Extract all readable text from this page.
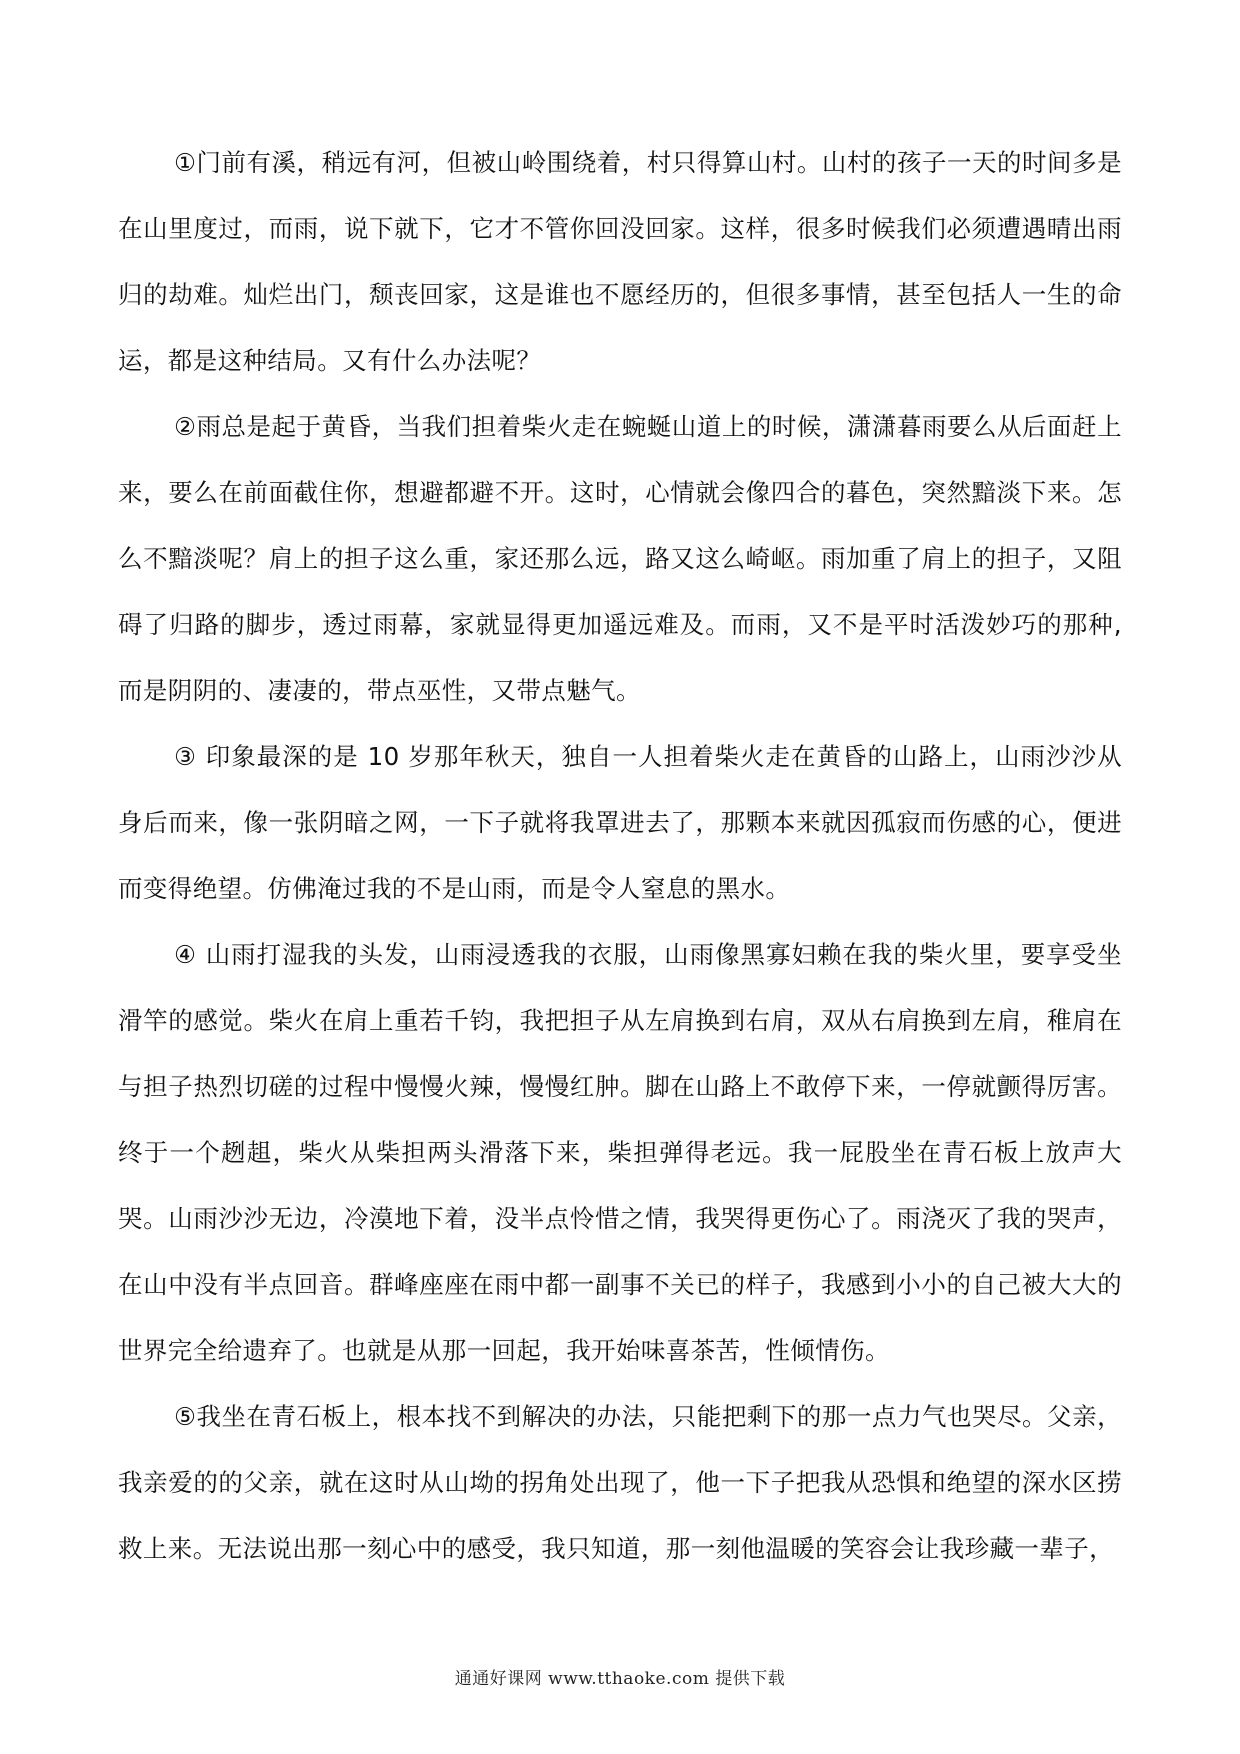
①门前有溪，稍远有河，但被山岭围绕着，村只得算山村。山村的孩子一天的时间多是在山里度过，而雨，说下就下，它才不管你回没回家。这样，很多时候我们必须遭遇晴出雨归的劫难。灿烂出门，颓丧回家，这是谁也不愿经历的，但很多事情，甚至包括人一生的命运，都是这种结局。又有什么办法呢？

②雨总是起于黄昏，当我们担着柴火走在蜿蜒山道上的时候，潇潇暮雨要么从后面赶上来，要么在前面截住你，想避都避不开。这时，心情就会像四合的暮色，突然黯淡下来。怎么不黯淡呢？肩上的担子这么重，家还那么远，路又这么崎岖。雨加重了肩上的担子，又阻碍了归路的脚步，透过雨幕，家就显得更加遥远难及。而雨，又不是平时活泼妙巧的那种,而是阴阴的、凄凄的，带点巫性，又带点魅气。

③ 印象最深的是 10 岁那年秋天，独自一人担着柴火走在黄昏的山路上，山雨沙沙从身后而来，像一张阴暗之网，一下子就将我罩进去了，那颗本来就因孤寂而伤感的心，便进而变得绝望。仿佛淹过我的不是山雨，而是令人窒息的黑水。

④ 山雨打湿我的头发，山雨浸透我的衣服，山雨像黑寡妇赖在我的柴火里，要享受坐滑竿的感觉。柴火在肩上重若千钧，我把担子从左肩换到右肩，双从右肩换到左肩，稚肩在与担子热烈切磋的过程中慢慢火辣，慢慢红肿。脚在山路上不敢停下来，一停就颤得厉害。终于一个趔趄，柴火从柴担两头滑落下来，柴担弹得老远。我一屁股坐在青石板上放声大哭。山雨沙沙无边，冷漠地下着，没半点怜惜之情，我哭得更伤心了。雨浇灭了我的哭声，在山中没有半点回音。群峰座座在雨中都一副事不关已的样子，我感到小小的自己被大大的世界完全给遗弃了。也就是从那一回起，我开始味喜茶苦，性倾情伤。

⑤我坐在青石板上，根本找不到解决的办法，只能把剩下的那一点力气也哭尽。父亲，我亲爱的的父亲，就在这时从山坳的拐角处出现了，他一下子把我从恐惧和绝望的深水区捞救上来。无法说出那一刻心中的感受，我只知道，那一刻他温暖的笑容会让我珍藏一辈子，

通通好课网 www.tthaoke.com 提供下载
